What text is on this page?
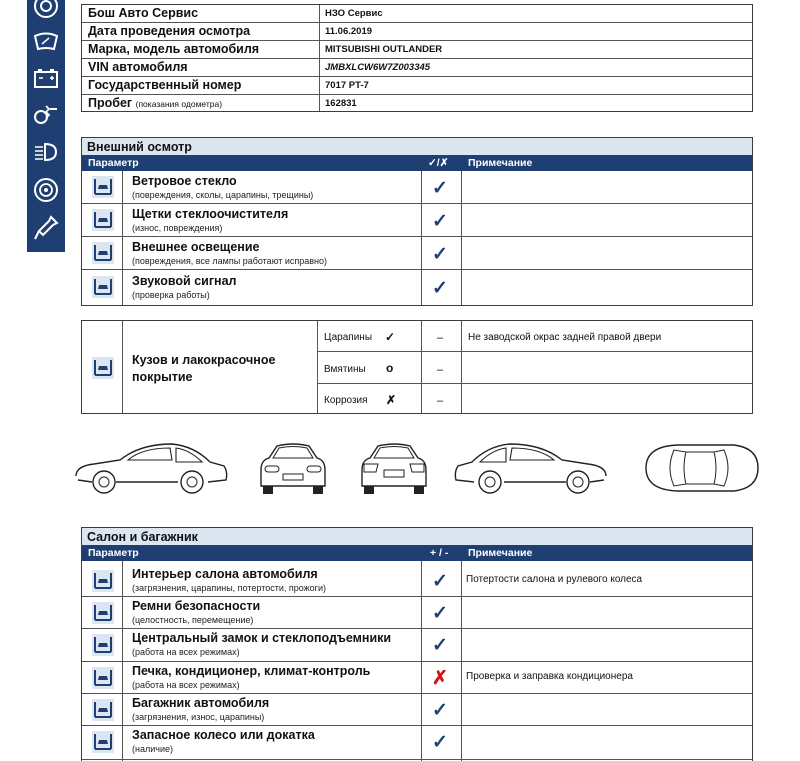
Бош Авто Сервис	НЗО Сервис
Дата проведения осмотра	11.06.2019
Марка, модель автомобиля	MITSUBISHI OUTLANDER
VIN автомобиля	JMBXLCW6W7Z003345
Государственный номер	7017 PT-7
Пробег (показания одометра)	162831
Внешний осмотр
Параметр	✓/✗ Примечание
Ветровое стекло
(повреждения, сколы, царапины, трещины)	✓
Щетки стеклоочистителя
(износ, повреждения)	✓
Внешнее освещение
(повреждения, все лампы работают исправно)	✓
Звуковой сигнал
(проверка работы)	✓
Кузов и лакокрасочное
покрытие
Царапины ✓	– Не заводской окрас задней правой двери
Вмятины о	–
Коррозия ✗	–
Салон и багажник
Параметр	+ / - Примечание
Интерьер салона автомобиля
(загрязнения, царапины, потертости, прожоги)	✓ Потертости салона и рулевого колеса
Ремни безопасности
(целостность, перемещение)	✓
Центральный замок и стеклоподъемники
(работа на всех режимах)	✓
Печка, кондиционер, климат-контроль
(работа на всех режимах)	✗ Проверка и заправка кондиционера
Багажник автомобиля
(загрязнения, износ, царапины)	✓
Запасное колесо или докатка
(наличие)	✓
